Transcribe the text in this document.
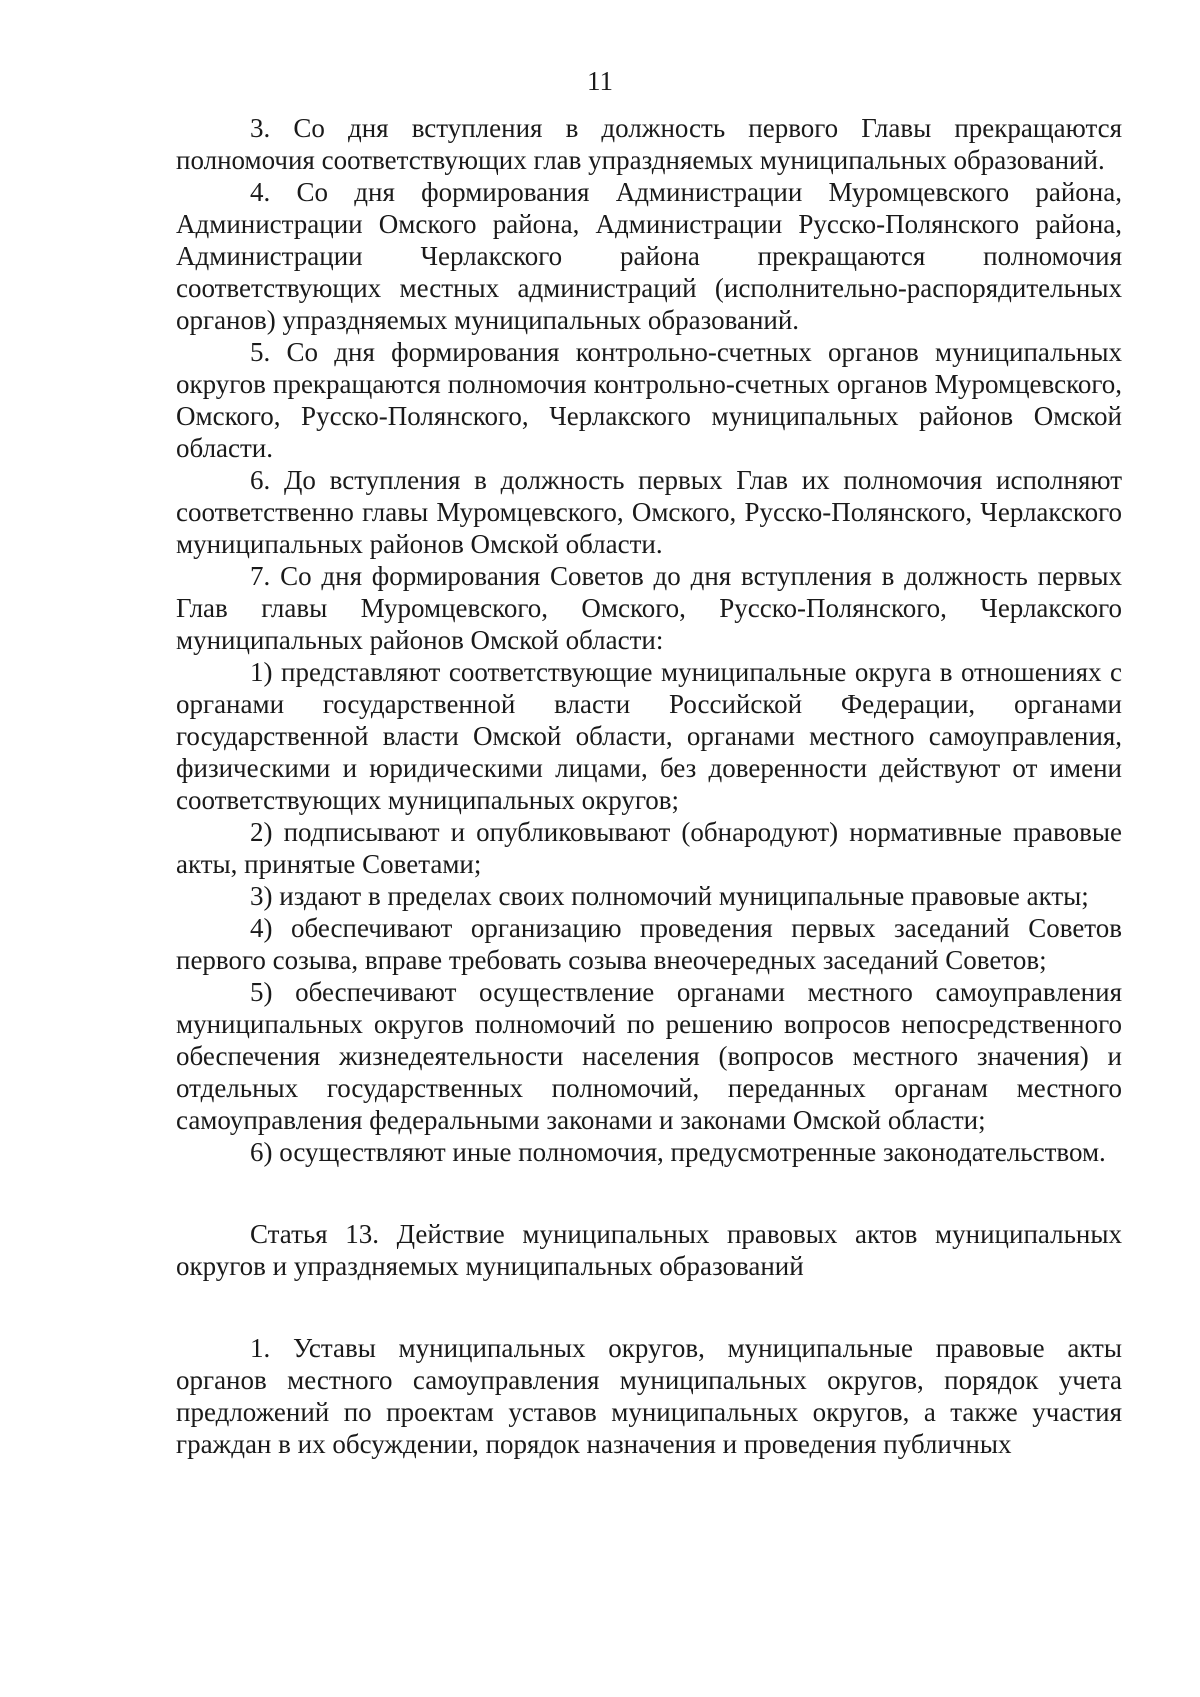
11

3. Со дня вступления в должность первого Главы прекращаются полномочия соответствующих глав упраздняемых муниципальных образований.

4. Со дня формирования Администрации Муромцевского района, Администрации Омского района, Администрации Русско-Полянского района, Администрации Черлакского района прекращаются полномочия соответствующих местных администраций (исполнительно-распорядительных органов) упраздняемых муниципальных образований.

5. Со дня формирования контрольно-счетных органов муниципальных округов прекращаются полномочия контрольно-счетных органов Муромцевского, Омского, Русско-Полянского, Черлакского муниципальных районов Омской области.

6. До вступления в должность первых Глав их полномочия исполняют соответственно главы Муромцевского, Омского, Русско-Полянского, Черлакского муниципальных районов Омской области.

7. Со дня формирования Советов до дня вступления в должность первых Глав главы Муромцевского, Омского, Русско-Полянского, Черлакского муниципальных районов Омской области:

1) представляют соответствующие муниципальные округа в отношениях с органами государственной власти Российской Федерации, органами государственной власти Омской области, органами местного самоуправления, физическими и юридическими лицами, без доверенности действуют от имени соответствующих муниципальных округов;

2) подписывают и опубликовывают (обнародуют) нормативные правовые акты, принятые Советами;

3) издают в пределах своих полномочий муниципальные правовые акты;

4) обеспечивают организацию проведения первых заседаний Советов первого созыва, вправе требовать созыва внеочередных заседаний Советов;

5) обеспечивают осуществление органами местного самоуправления муниципальных округов полномочий по решению вопросов непосредственного обеспечения жизнедеятельности населения (вопросов местного значения) и отдельных государственных полномочий, переданных органам местного самоуправления федеральными законами и законами Омской области;

6) осуществляют иные полномочия, предусмотренные законодательством.

Статья 13. Действие муниципальных правовых актов муниципальных округов и упраздняемых муниципальных образований

1. Уставы муниципальных округов, муниципальные правовые акты органов местного самоуправления муниципальных округов, порядок учета предложений по проектам уставов муниципальных округов, а также участия граждан в их обсуждении, порядок назначения и проведения публичных
